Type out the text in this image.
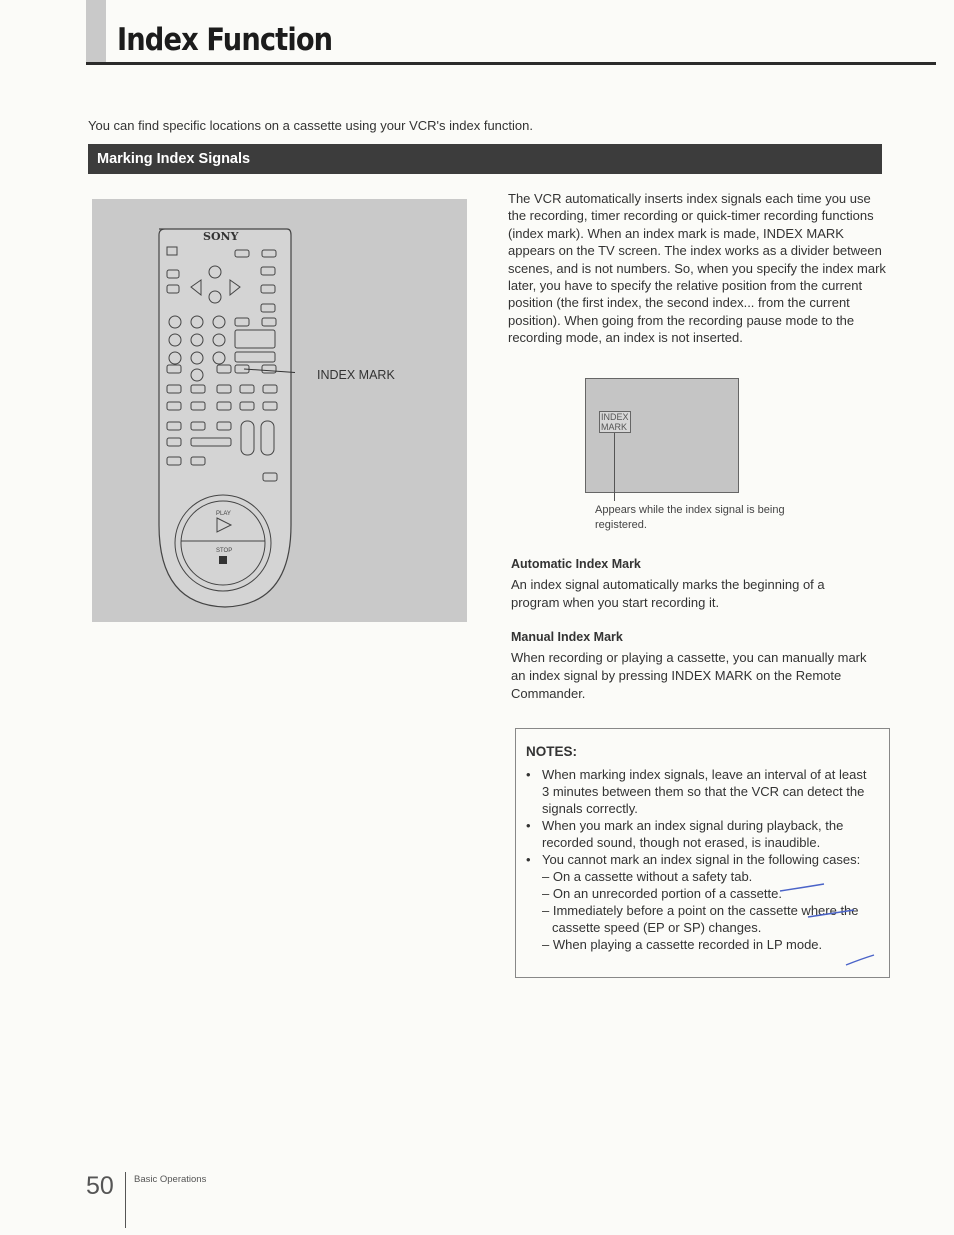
Index Function
You can find specific locations on a cassette using your VCR's index function.
Marking Index Signals
SONY
PLAY
STOP
INDEX MARK

The VCR automatically inserts index signals each time you use the recording, timer recording or quick-timer recording functions (index mark). When an index mark is made, INDEX MARK appears on the TV screen. The index works as a divider between scenes, and is not numbers. So, when you specify the index mark later, you have to specify the relative position from the current position (the first index, the second index... from the current position). When going from the recording pause mode to the recording mode, an index is not inserted.

INDEX
MARK

Appears while the index signal is being registered.

Automatic Index Mark

An index signal automatically marks the beginning of a program when you start recording it.

Manual Index Mark

When recording or playing a cassette, you can manually mark an index signal by pressing INDEX MARK on the Remote Commander.

NOTES:
• When marking index signals, leave an interval of at least 3 minutes between them so that the VCR can detect the signals correctly.
• When you mark an index signal during playback, the recorded sound, though not erased, is inaudible.
• You cannot mark an index signal in the following cases:
– On a cassette without a safety tab.
– On an unrecorded portion of a cassette.
– Immediately before a point on the cassette where the cassette speed (EP or SP) changes.
– When playing a cassette recorded in LP mode.
50 Basic Operations
